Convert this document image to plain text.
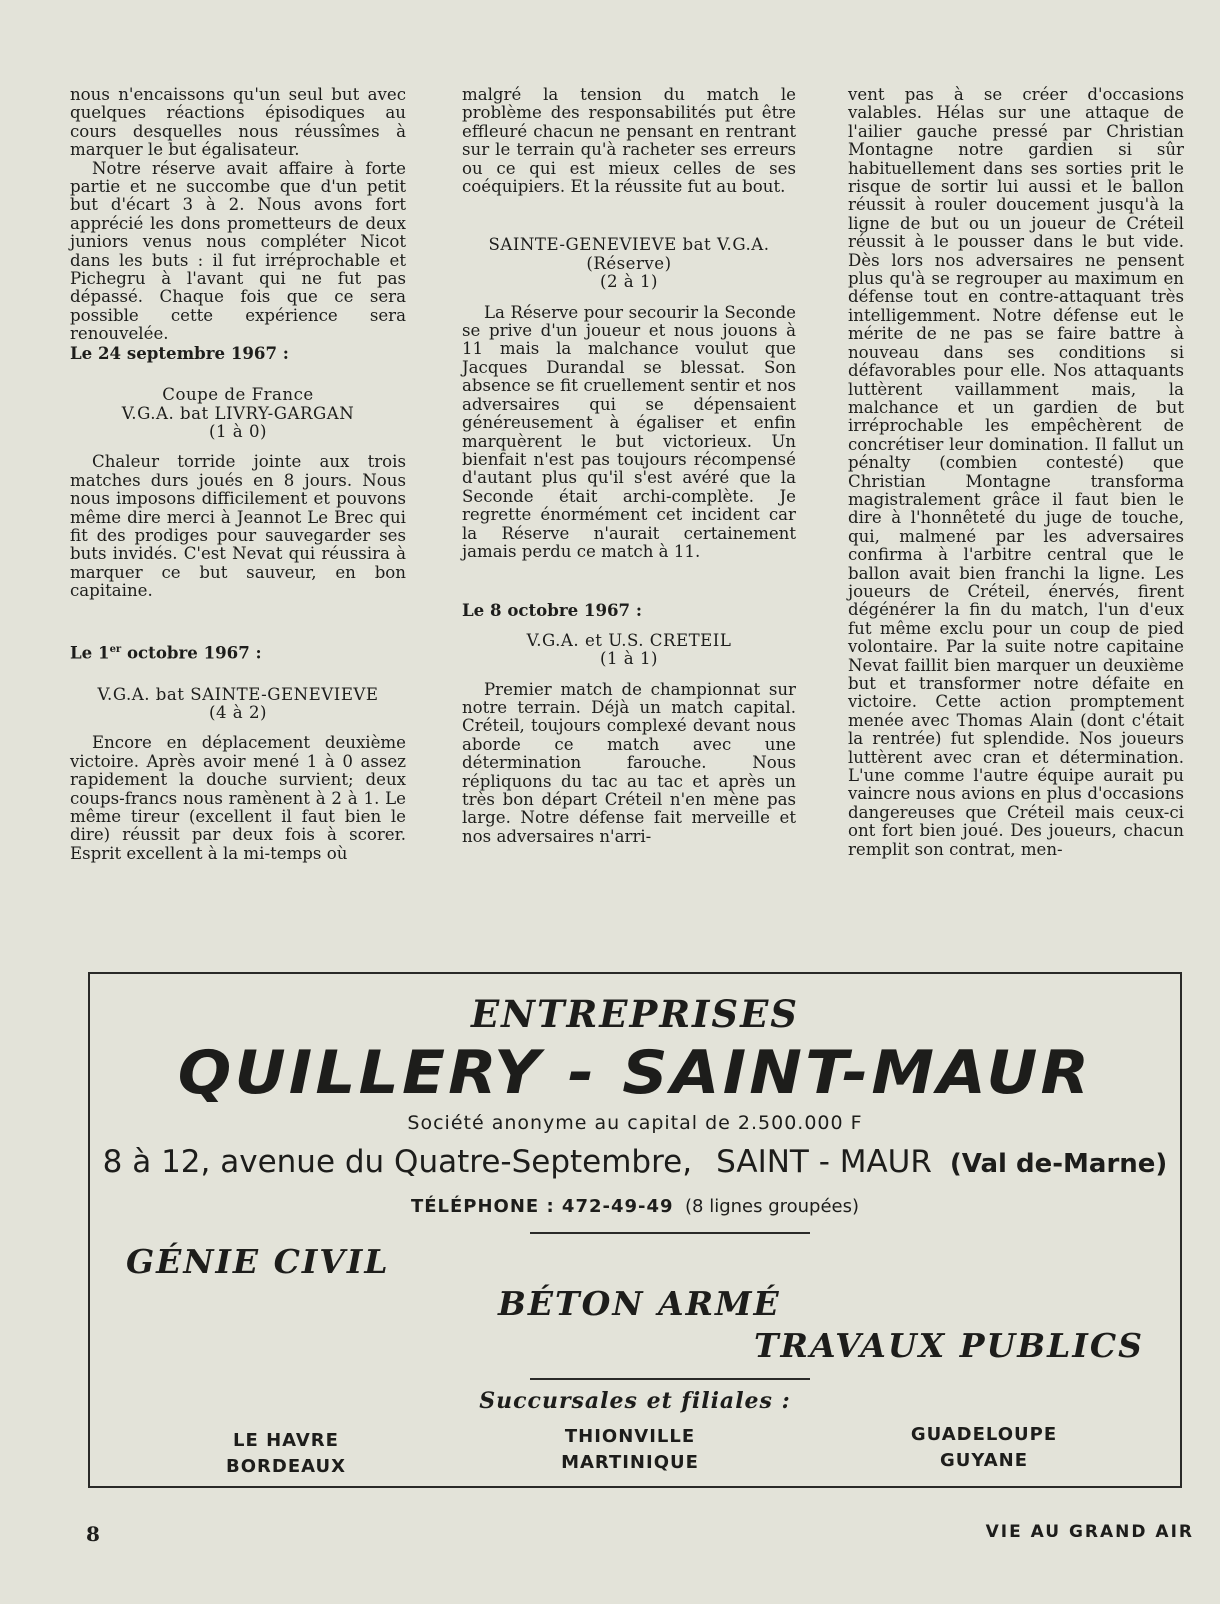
nous n'encaissons qu'un seul but avec quelques réactions épisodiques au cours desquelles nous réussîmes à marquer le but égalisateur.

Notre réserve avait affaire à forte partie et ne succombe que d'un petit but d'écart 3 à 2. Nous avons fort apprécié les dons prometteurs de deux juniors venus nous compléter Nicot dans les buts : il fut irréprochable et Pichegru à l'avant qui ne fut pas dépassé. Chaque fois que ce sera possible cette expérience sera renouvelée.

Le 24 septembre 1967 :

Coupe de France

V.G.A. bat LIVRY-GARGAN

(1 à 0)

Chaleur torride jointe aux trois matches durs joués en 8 jours. Nous nous imposons difficilement et pouvons même dire merci à Jeannot Le Brec qui fit des prodiges pour sauvegarder ses buts invidés. C'est Nevat qui réussira à marquer ce but sauveur, en bon capitaine.

Le 1er octobre 1967 :

V.G.A. bat SAINTE-GENEVIEVE

(4 à 2)

Encore en déplacement deuxième victoire. Après avoir mené 1 à 0 assez rapidement la douche survient; deux coups-francs nous ramènent à 2 à 1. Le même tireur (excellent il faut bien le dire) réussit par deux fois à scorer. Esprit excellent à la mi-temps où

malgré la tension du match le problème des responsabilités put être effleuré chacun ne pensant en rentrant sur le terrain qu'à racheter ses erreurs ou ce qui est mieux celles de ses coéquipiers. Et la réussite fut au bout.

SAINTE-GENEVIEVE bat V.G.A.

(Réserve)

(2 à 1)

La Réserve pour secourir la Seconde se prive d'un joueur et nous jouons à 11 mais la malchance voulut que Jacques Durandal se blessat. Son absence se fit cruellement sentir et nos adversaires qui se dépensaient généreusement à égaliser et enfin marquèrent le but victorieux. Un bienfait n'est pas toujours récompensé d'autant plus qu'il s'est avéré que la Seconde était archi-complète. Je regrette énormément cet incident car la Réserve n'aurait certainement jamais perdu ce match à 11.

Le 8 octobre 1967 :

V.G.A. et U.S. CRETEIL

(1 à 1)

Premier match de championnat sur notre terrain. Déjà un match capital. Créteil, toujours complexé devant nous aborde ce match avec une détermination farouche. Nous répliquons du tac au tac et après un très bon départ Créteil n'en mène pas large. Notre défense fait merveille et nos adversaires n'arri-

vent pas à se créer d'occasions valables. Hélas sur une attaque de l'ailier gauche pressé par Christian Montagne notre gardien si sûr habituellement dans ses sorties prit le risque de sortir lui aussi et le ballon réussit à rouler doucement jusqu'à la ligne de but ou un joueur de Créteil réussit à le pousser dans le but vide. Dès lors nos adversaires ne pensent plus qu'à se regrouper au maximum en défense tout en contre-attaquant très intelligemment. Notre défense eut le mérite de ne pas se faire battre à nouveau dans ses conditions si défavorables pour elle. Nos attaquants luttèrent vaillamment mais, la malchance et un gardien de but irréprochable les empêchèrent de concrétiser leur domination. Il fallut un pénalty (combien contesté) que Christian Montagne transforma magistralement grâce il faut bien le dire à l'honnêteté du juge de touche, qui, malmené par les adversaires confirma à l'arbitre central que le ballon avait bien franchi la ligne. Les joueurs de Créteil, énervés, firent dégénérer la fin du match, l'un d'eux fut même exclu pour un coup de pied volontaire. Par la suite notre capitaine Nevat faillit bien marquer un deuxième but et transformer notre défaite en victoire. Cette action promptement menée avec Thomas Alain (dont c'était la rentrée) fut splendide. Nos joueurs luttèrent avec cran et détermination. L'une comme l'autre équipe aurait pu vaincre nous avions en plus d'occasions dangereuses que Créteil mais ceux-ci ont fort bien joué. Des joueurs, chacun remplit son contrat, men-

ENTREPRISES
QUILLERY - SAINT-MAUR
Société anonyme au capital de 2.500.000 F
8 à 12, avenue du Quatre-Septembre, SAINT - MAUR (Val de-Marne)
TÉLÉPHONE : 472-49-49 (8 lignes groupées)
GÉNIE CIVIL
BÉTON ARMÉ
TRAVAUX PUBLICS
Succursales et filiales :
LE HAVRE
BORDEAUX
THIONVILLE
MARTINIQUE
GUADELOUPE
GUYANE
8	VIE AU GRAND AIR
